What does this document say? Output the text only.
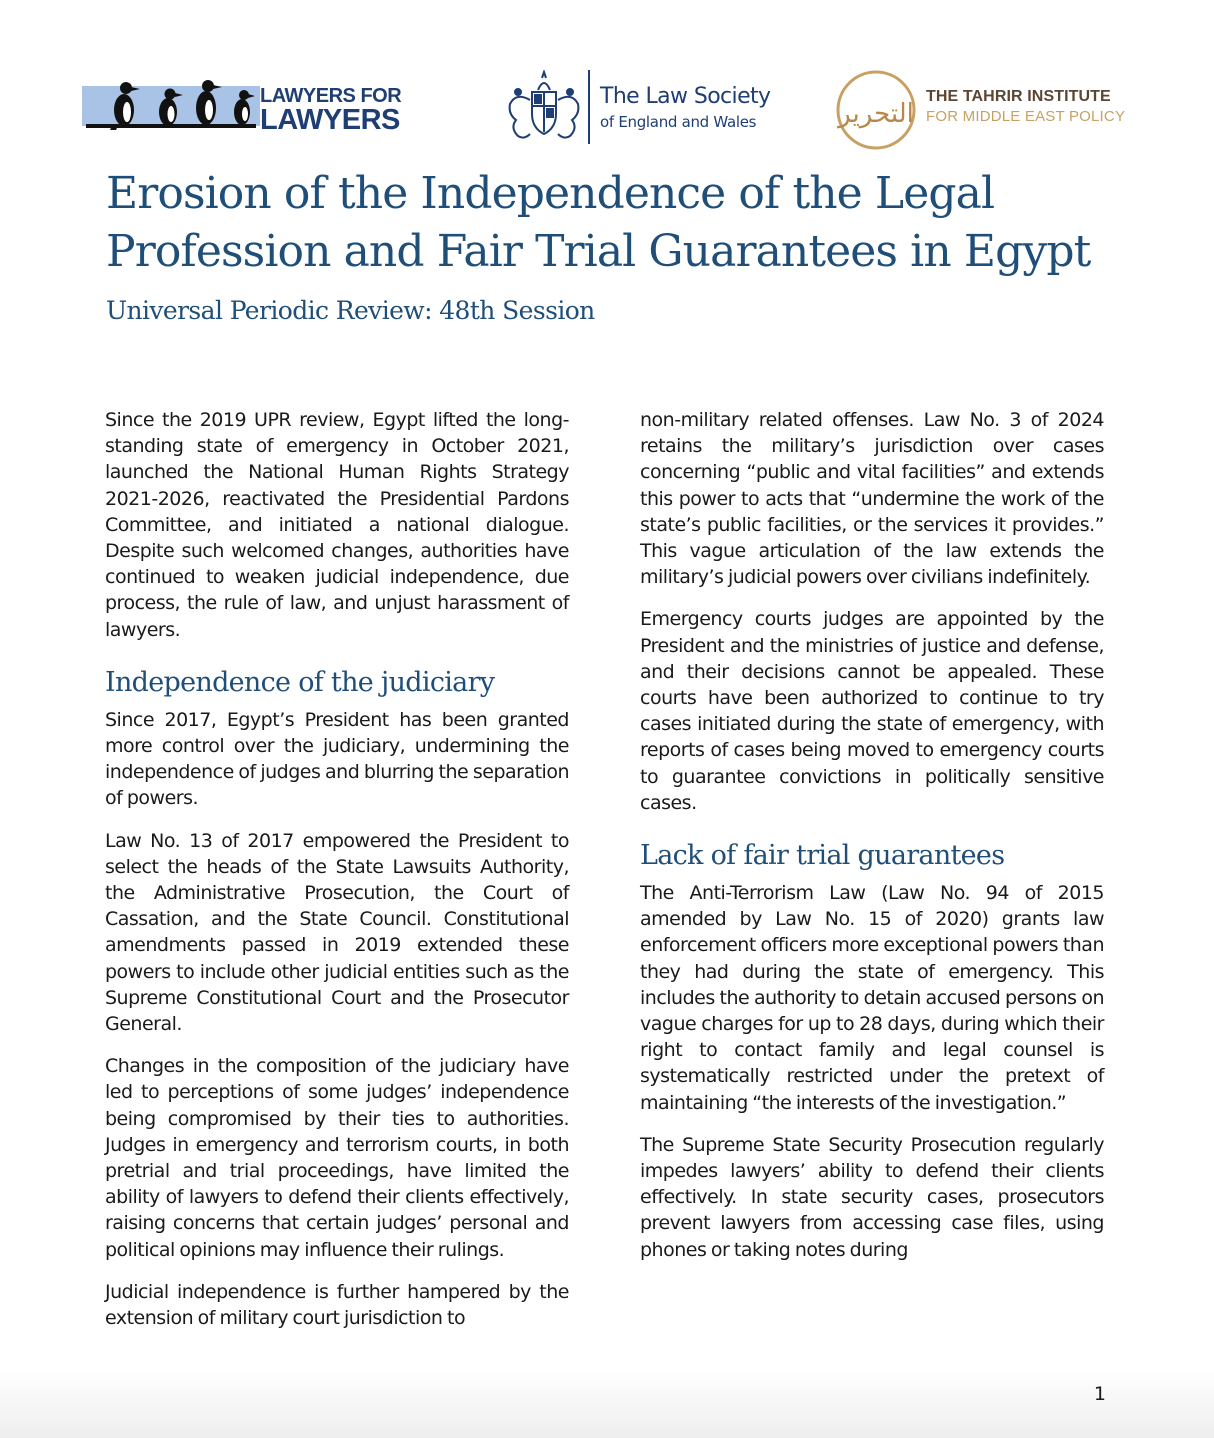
LAWYERS FOR
LAWYERS
The Law Society
of England and Wales	التحرير
THE TAHRIR INSTITUTE
FOR MIDDLE EAST POLICY
Erosion of the Independence of the Legal Profession and Fair Trial Guarantees in Egypt
Universal Periodic Review: 48th Session

Since the 2019 UPR review, Egypt lifted the long-standing state of emergency in October 2021, launched the National Human Rights Strategy 2021-2026, reactivated the Presidential Pardons Committee, and initiated a national dialogue. Despite such welcomed changes, authorities have continued to weaken judicial independence, due process, the rule of law, and unjust harassment of lawyers.

Independence of the judiciary

Since 2017, Egypt’s President has been granted more control over the judiciary, undermining the independence of judges and blurring the separation of powers.

Law No. 13 of 2017 empowered the President to select the heads of the State Lawsuits Authority, the Administrative Prosecution, the Court of Cassation, and the State Council. Constitutional amendments passed in 2019 extended these powers to include other judicial entities such as the Supreme Constitutional Court and the Prosecutor General.

Changes in the composition of the judiciary have led to perceptions of some judges’ independence being compromised by their ties to authorities. Judges in emergency and terrorism courts, in both pretrial and trial proceedings, have limited the ability of lawyers to defend their clients effectively, raising concerns that certain judges’ personal and political opinions may influence their rulings.

Judicial independence is further hampered by the extension of military court jurisdiction to

non-military related offenses. Law No. 3 of 2024 retains the military’s jurisdiction over cases concerning “public and vital facilities” and extends this power to acts that “undermine the work of the state’s public facilities, or the services it provides.” This vague articulation of the law extends the military’s judicial powers over civilians indefinitely.

Emergency courts judges are appointed by the President and the ministries of justice and defense, and their decisions cannot be appealed. These courts have been authorized to continue to try cases initiated during the state of emergency, with reports of cases being moved to emergency courts to guarantee convictions in politically sensitive cases.

Lack of fair trial guarantees

The Anti-Terrorism Law (Law No. 94 of 2015 amended by Law No. 15 of 2020) grants law enforcement officers more exceptional powers than they had during the state of emergency. This includes the authority to detain accused persons on vague charges for up to 28 days, during which their right to contact family and legal counsel is systematically restricted under the pretext of maintaining “the interests of the investigation.”

The Supreme State Security Prosecution regularly impedes lawyers’ ability to defend their clients effectively. In state security cases, prosecutors prevent lawyers from accessing case files, using phones or taking notes during

1
